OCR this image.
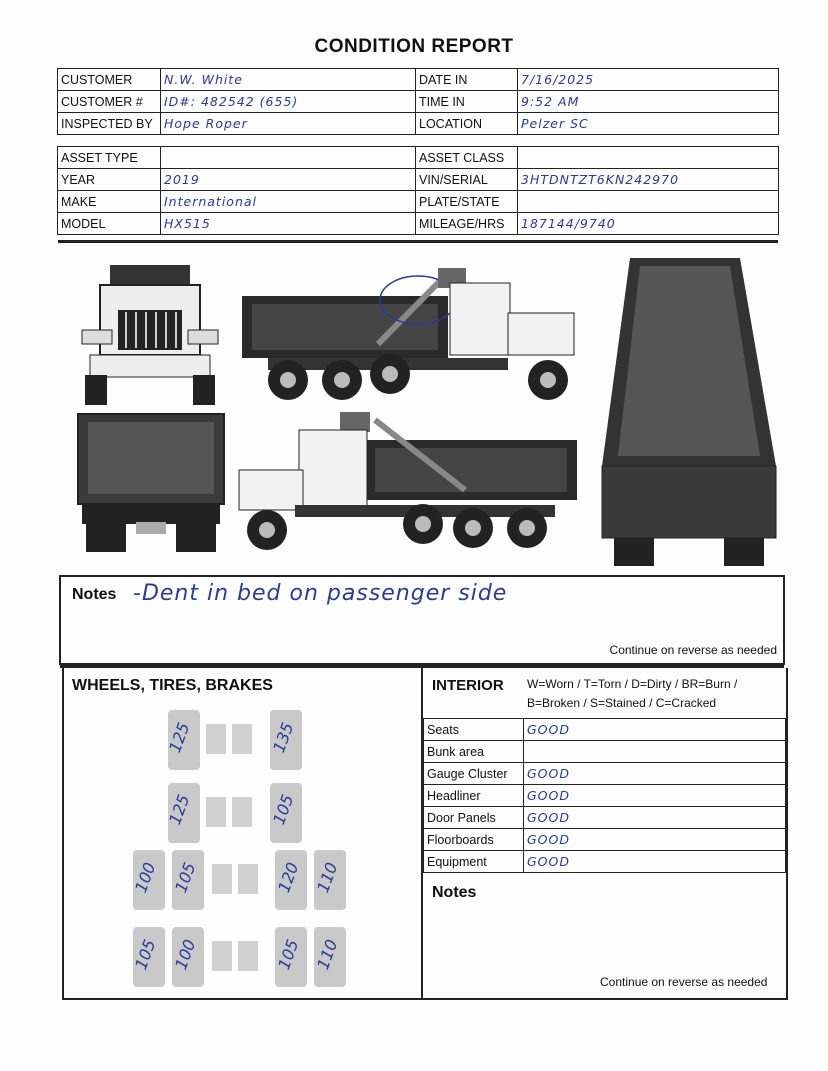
CONDITION REPORT
CUSTOMER	N.W. White	DATE IN	7/16/2025
CUSTOMER #	ID#: 482542 (655)	TIME IN	9:52 AM
INSPECTED BY	Hope Roper	LOCATION	Pelzer SC
ASSET TYPE		ASSET CLASS	
YEAR	2019	VIN/SERIAL	3HTDNTZT6KN242970
MAKE	International	PLATE/STATE	
MODEL	HX515	MILEAGE/HRS	187144/9740
Notes -Dent in bed on passenger side
Continue on reverse as needed
WHEELS, TIRES, BRAKES
125	135
125	105
100 105	120 110
105 100	105 110
INTERIOR W=Worn / T=Torn / D=Dirty / BR=Burn /
B=Broken / S=Stained / C=Cracked
Seats	GOOD
Bunk area	
Gauge Cluster	GOOD
Headliner	GOOD
Door Panels	GOOD
Floorboards	GOOD
Equipment	GOOD
Notes
Continue on reverse as needed
